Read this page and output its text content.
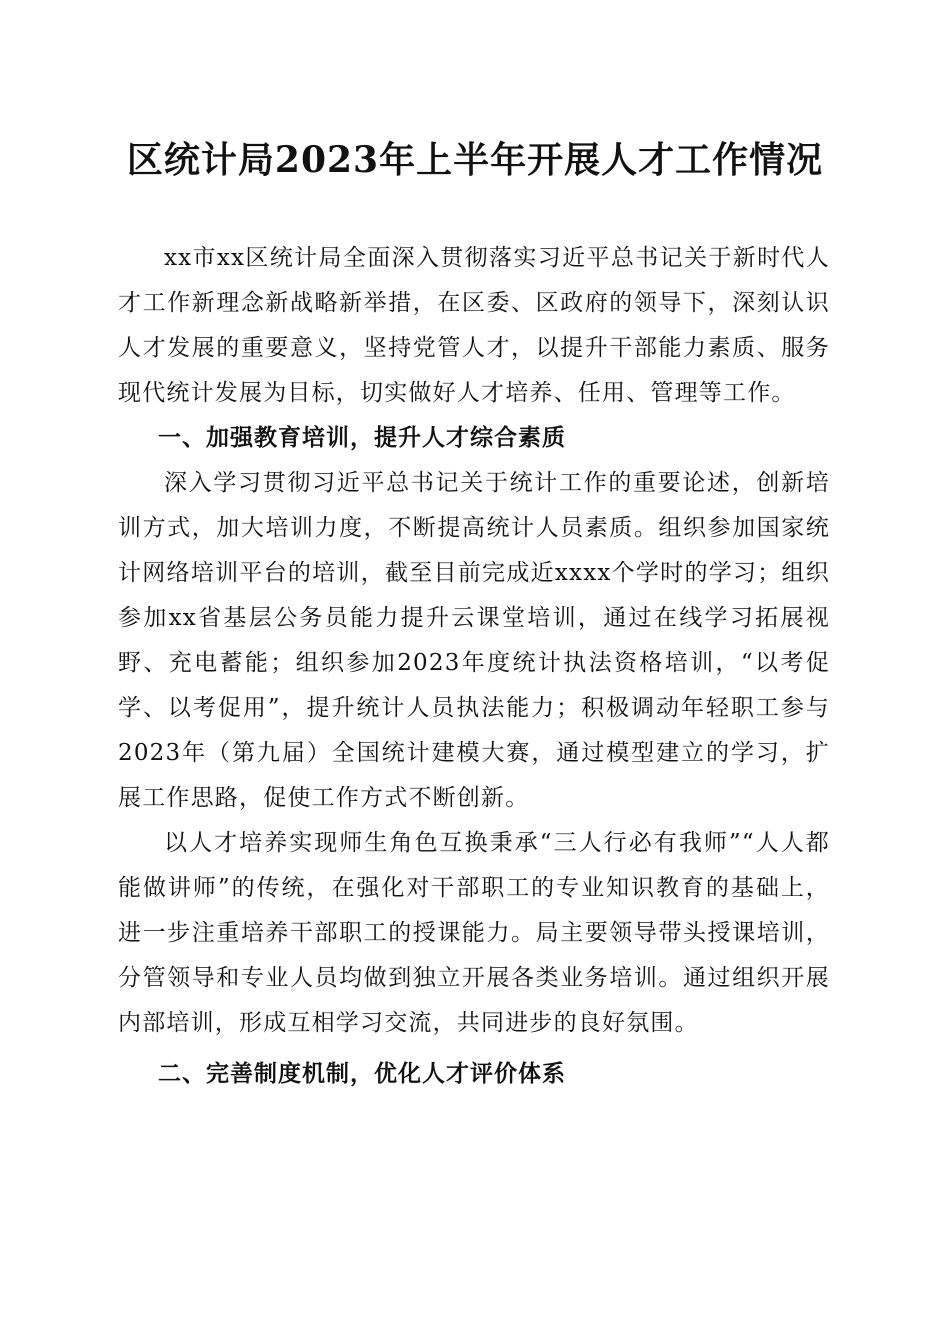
区统计局2023年上半年开展人才工作情况

xx市xx区统计局全面深入贯彻落实习近平总书记关于新时代人才工作新理念新战略新举措，在区委、区政府的领导下，深刻认识人才发展的重要意义，坚持党管人才，以提升干部能力素质、服务现代统计发展为目标，切实做好人才培养、任用、管理等工作。

一、加强教育培训，提升人才综合素质

深入学习贯彻习近平总书记关于统计工作的重要论述，创新培训方式，加大培训力度，不断提高统计人员素质。组织参加国家统计网络培训平台的培训，截至目前完成近xxxx个学时的学习；组织参加xx省基层公务员能力提升云课堂培训，通过在线学习拓展视野、充电蓄能；组织参加2023年度统计执法资格培训，“以考促学、以考促用”，提升统计人员执法能力；积极调动年轻职工参与2023年（第九届）全国统计建模大赛，通过模型建立的学习，扩展工作思路，促使工作方式不断创新。

以人才培养实现师生角色互换秉承“三人行必有我师”“人人都能做讲师”的传统，在强化对干部职工的专业知识教育的基础上，进一步注重培养干部职工的授课能力。局主要领导带头授课培训，分管领导和专业人员均做到独立开展各类业务培训。通过组织开展内部培训，形成互相学习交流，共同进步的良好氛围。

二、完善制度机制，优化人才评价体系
